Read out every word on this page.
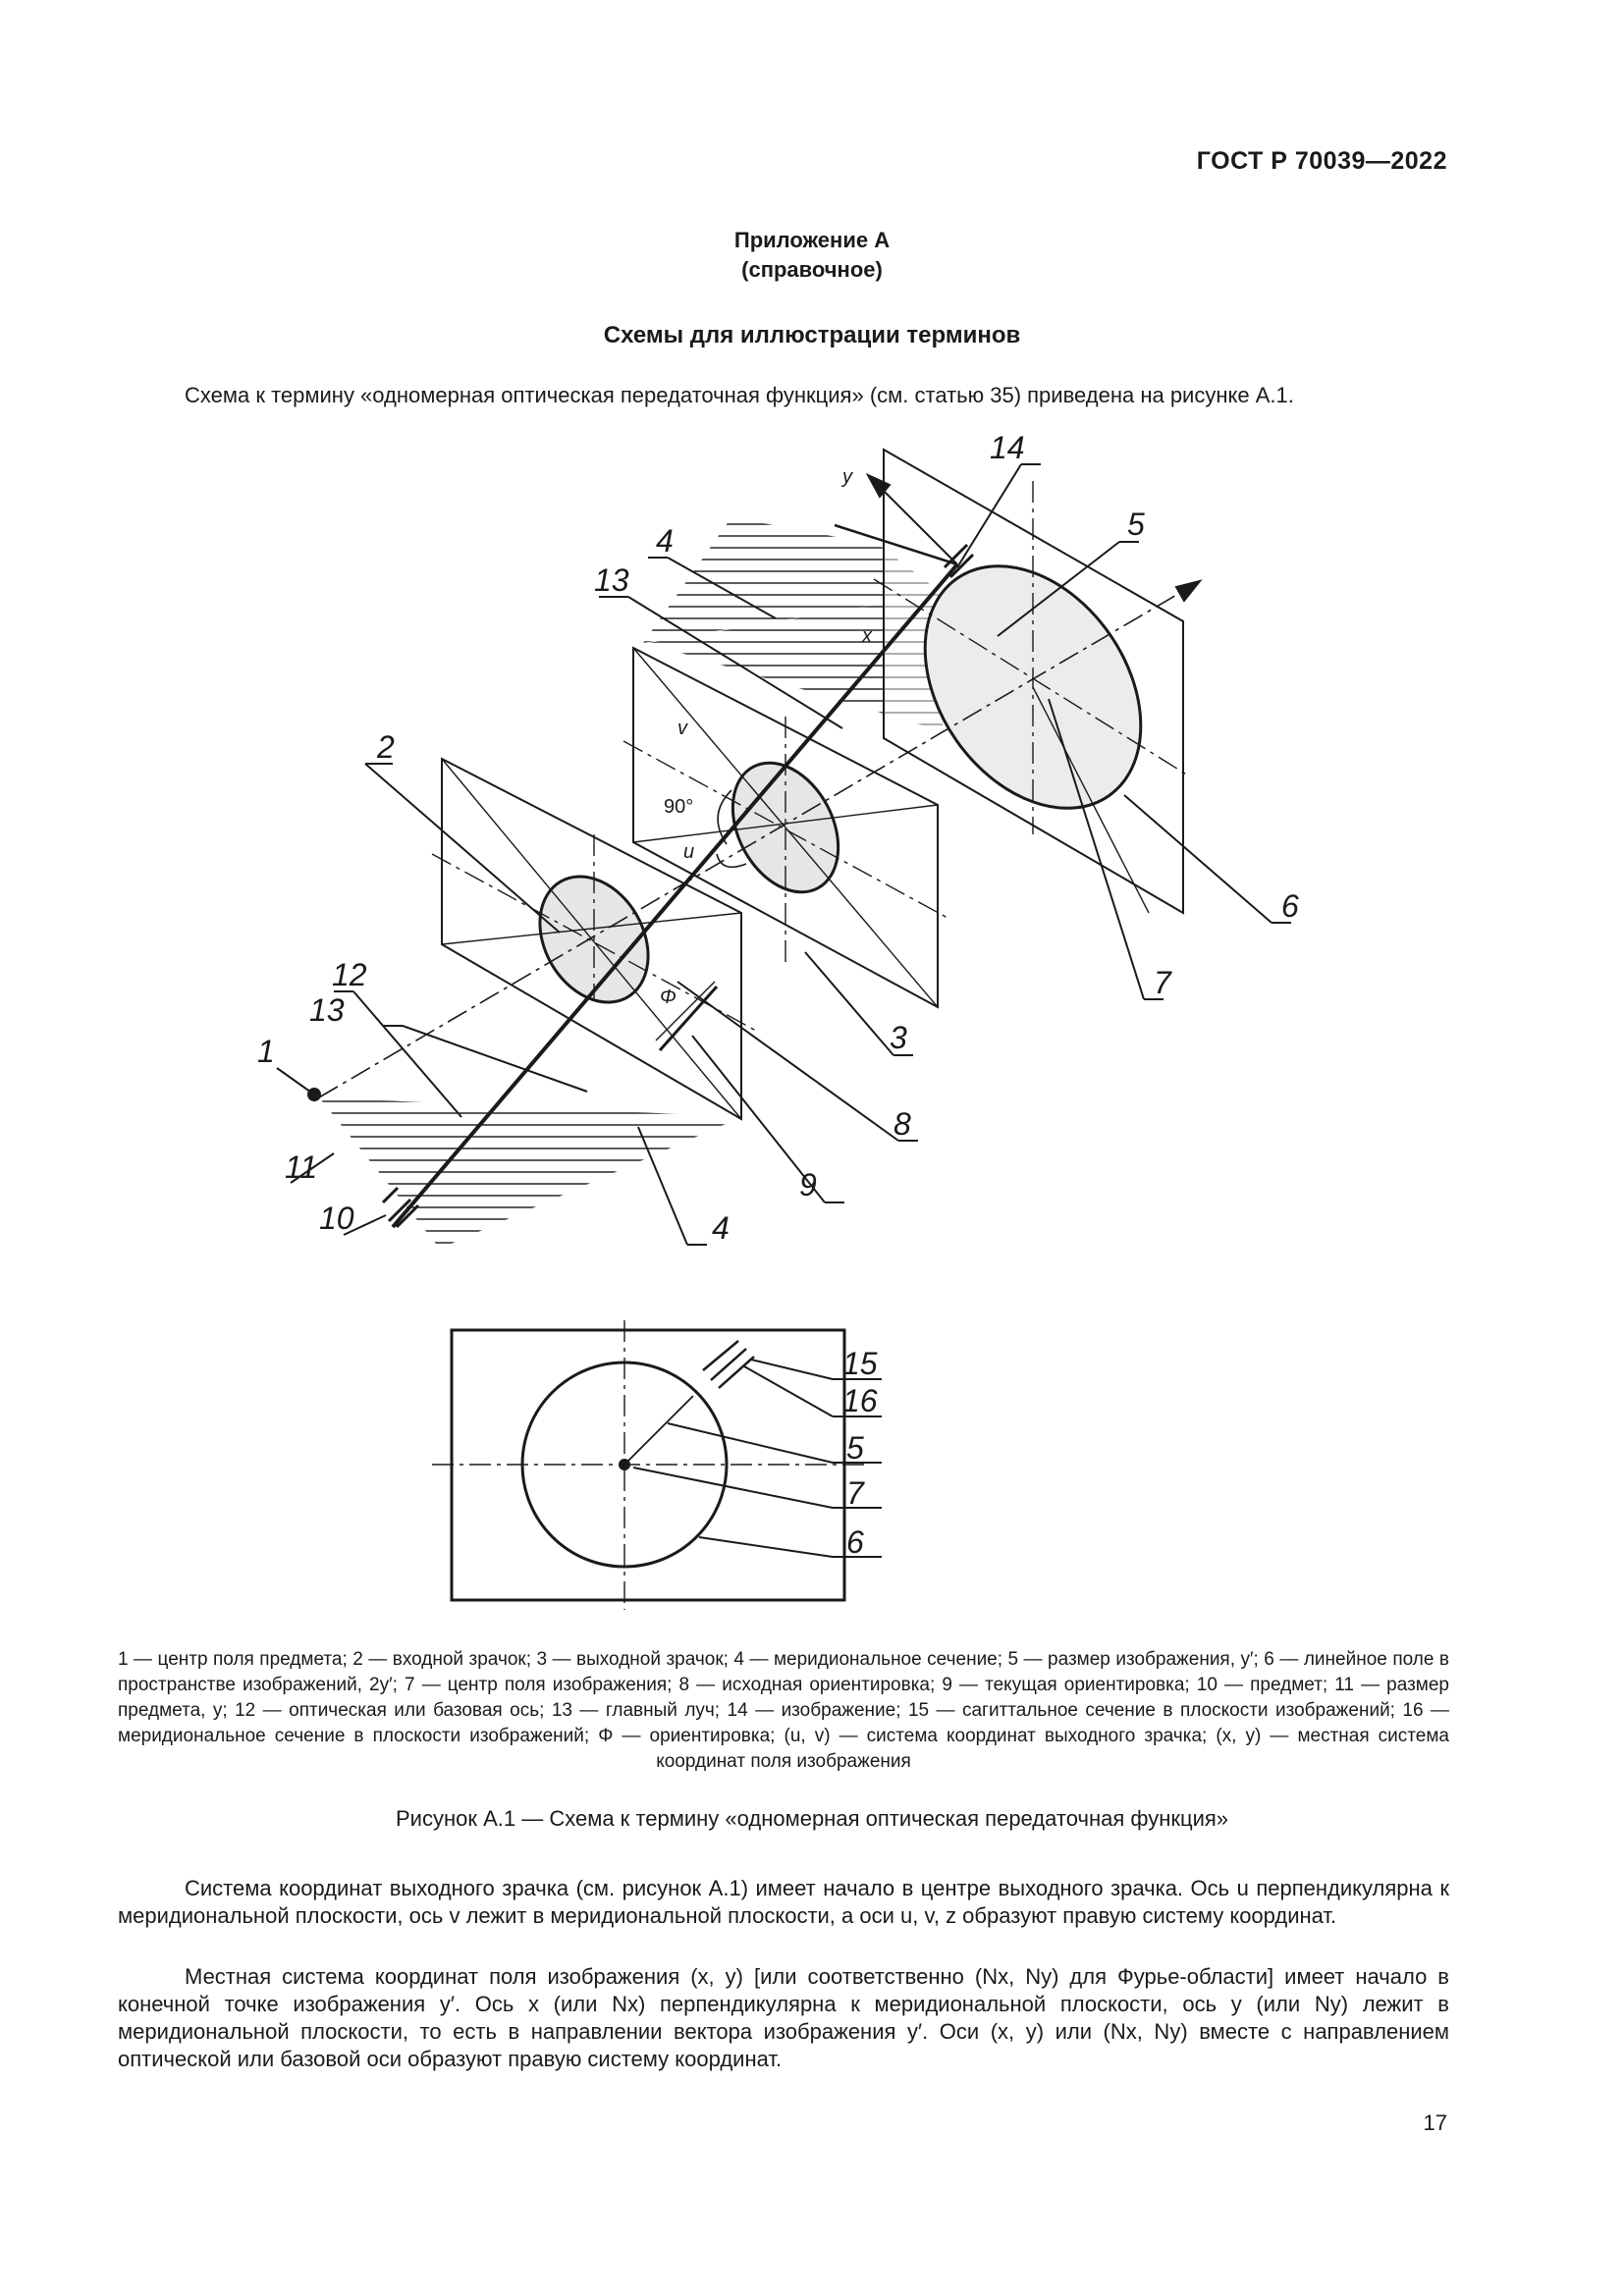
ГОСТ Р 70039—2022
Приложение А
(справочное)
Схемы для иллюстрации терминов
Схема к термину «одномерная оптическая передаточная функция» (см. статью 35) приведена на рисунке А.1.
2
1
12
13
11
10	4
9
8
3
7
6
5
14
4
13
15
16
5
7
6
y
x
v
u
90°
Φ
1 — центр поля предмета; 2 — входной зрачок; 3 — выходной зрачок; 4 — меридиональное сечение; 5 — размер изображения, y′; 6 — линейное поле в пространстве изображений, 2y′; 7 — центр поля изображения; 8 — исходная ориентировка; 9 — текущая ориентировка; 10 — предмет; 11 — размер предмета, y; 12 — оптическая или базовая ось; 13 — главный луч; 14 — изображение; 15 — сагиттальное сечение в плоскости изображений; 16 — меридиональное сечение в плоскости изображений; Φ — ориентировка; (u, v) — система координат выходного зрачка; (x, y) — местная система координат поля изображения
Рисунок А.1 — Схема к термину «одномерная оптическая передаточная функция»
Система координат выходного зрачка (см. рисунок А.1) имеет начало в центре выходного зрачка. Ось u перпендикулярна к меридиональной плоскости, ось v лежит в меридиональной плоскости, а оси u, v, z образуют правую систему координат.
Местная система координат поля изображения (x, y) [или соответственно (Nx, Ny) для Фурье-области] имеет начало в конечной точке изображения y′. Ось x (или Nx) перпендикулярна к меридиональной плоскости, ось y (или Ny) лежит в меридиональной плоскости, то есть в направлении вектора изображения y′. Оси (x, y) или (Nx, Ny) вместе с направлением оптической или базовой оси образуют правую систему координат.
17
